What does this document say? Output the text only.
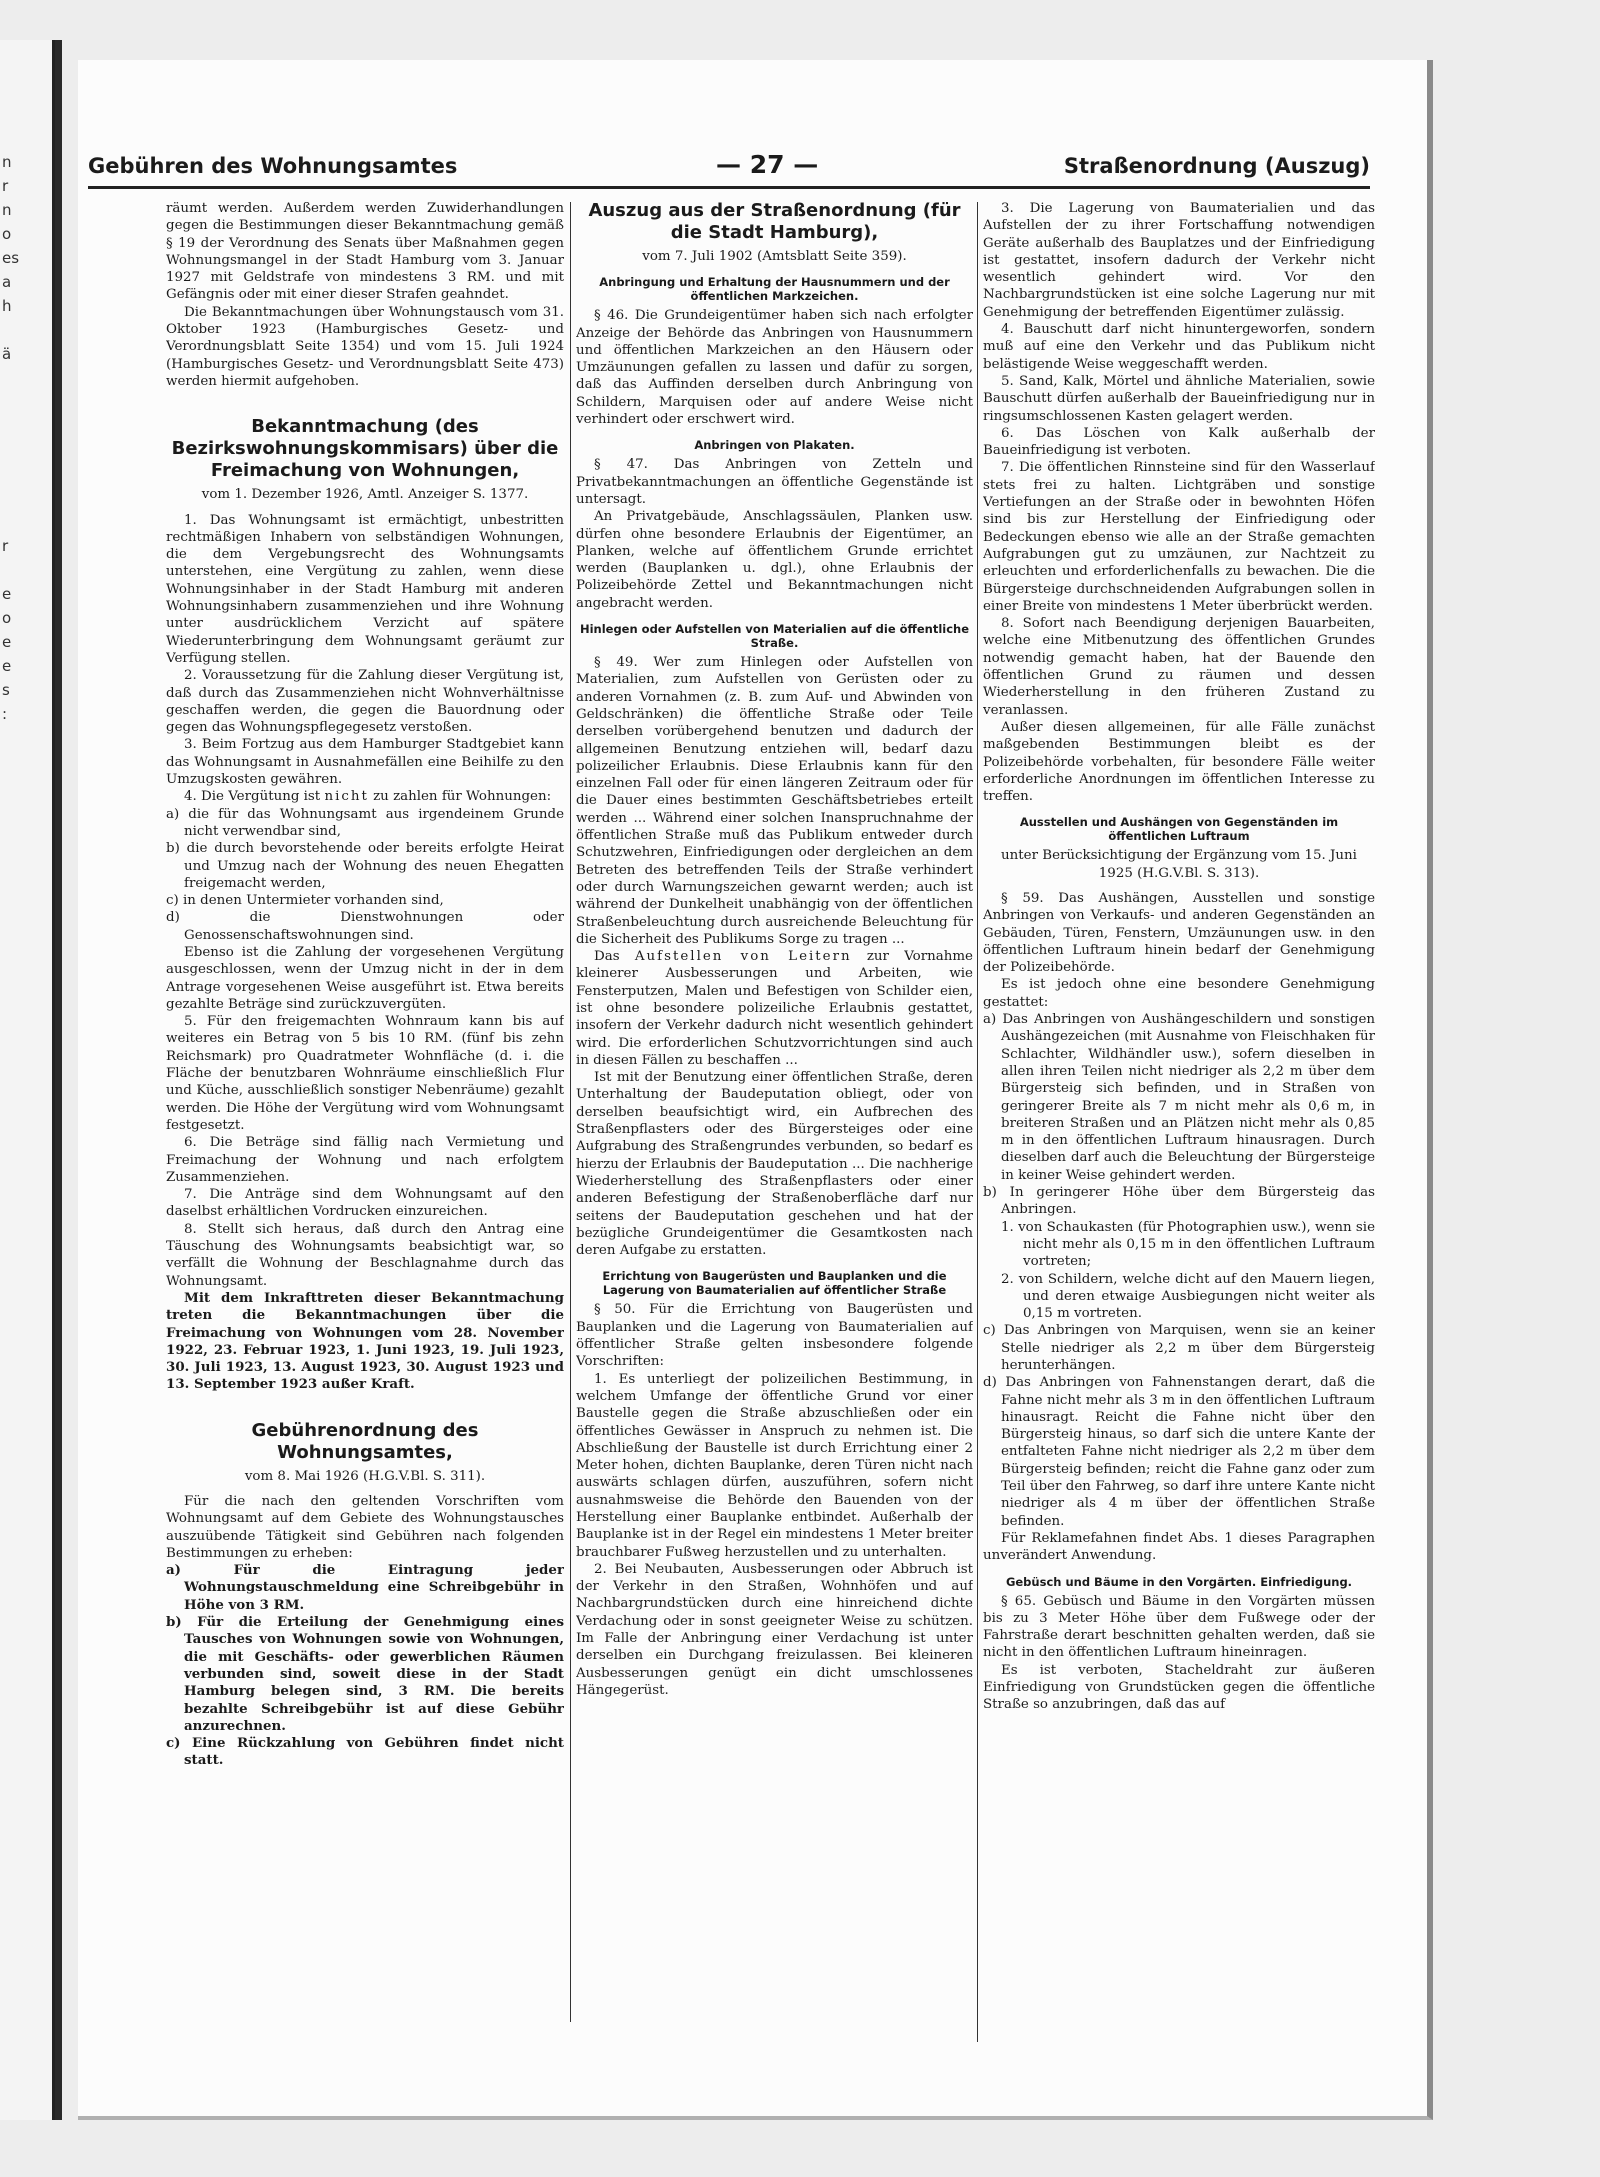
n
r
n
o
es
a
h

ä

r

e
o
e
e
s
:

Gebühren des Wohnungsamtes	— 27 —	Straßenordnung (Auszug)

räumt werden. Außerdem werden Zuwiderhandlungen gegen die Bestimmungen dieser Bekanntmachung gemäß § 19 der Verordnung des Senats über Maßnahmen gegen Wohnungsmangel in der Stadt Hamburg vom 3. Januar 1927 mit Geldstrafe von mindestens 3 RM. und mit Gefängnis oder mit einer dieser Strafen geahndet.

Die Bekanntmachungen über Wohnungstausch vom 31. Oktober 1923 (Hamburgisches Gesetz- und Verordnungsblatt Seite 1354) und vom 15. Juli 1924 (Hamburgisches Gesetz- und Verordnungsblatt Seite 473) werden hiermit aufgehoben.

Bekanntmachung (des Bezirkswohnungskommisars) über die Freimachung von Wohnungen,
vom 1. Dezember 1926, Amtl. Anzeiger S. 1377.

1. Das Wohnungsamt ist ermächtigt, unbestritten rechtmäßigen Inhabern von selbständigen Wohnungen, die dem Vergebungsrecht des Wohnungsamts unterstehen, eine Vergütung zu zahlen, wenn diese Wohnungsinhaber in der Stadt Hamburg mit anderen Wohnungsinhabern zusammenziehen und ihre Wohnung unter ausdrücklichem Verzicht auf spätere Wiederunterbringung dem Wohnungsamt geräumt zur Verfügung stellen.

2. Voraussetzung für die Zahlung dieser Vergütung ist, daß durch das Zusammenziehen nicht Wohnverhältnisse geschaffen werden, die gegen die Bauordnung oder gegen das Wohnungspflegegesetz verstoßen.

3. Beim Fortzug aus dem Hamburger Stadtgebiet kann das Wohnungsamt in Ausnahmefällen eine Beihilfe zu den Umzugskosten gewähren.

4. Die Vergütung ist nicht zu zahlen für Wohnungen:

a) die für das Wohnungsamt aus irgendeinem Grunde nicht verwendbar sind,

b) die durch bevorstehende oder bereits erfolgte Heirat und Umzug nach der Wohnung des neuen Ehegatten freigemacht werden,

c) in denen Untermieter vorhanden sind,

d) die Dienstwohnungen oder Genossenschaftswohnungen sind.

Ebenso ist die Zahlung der vorgesehenen Vergütung ausgeschlossen, wenn der Umzug nicht in der in dem Antrage vorgesehenen Weise ausgeführt ist. Etwa bereits gezahlte Beträge sind zurückzuvergüten.

5. Für den freigemachten Wohnraum kann bis auf weiteres ein Betrag von 5 bis 10 RM. (fünf bis zehn Reichsmark) pro Quadratmeter Wohnfläche (d. i. die Fläche der benutzbaren Wohnräume einschließlich Flur und Küche, ausschließlich sonstiger Nebenräume) gezahlt werden. Die Höhe der Vergütung wird vom Wohnungsamt festgesetzt.

6. Die Beträge sind fällig nach Vermietung und Freimachung der Wohnung und nach erfolgtem Zusammenziehen.

7. Die Anträge sind dem Wohnungsamt auf den daselbst erhältlichen Vordrucken einzureichen.

8. Stellt sich heraus, daß durch den Antrag eine Täuschung des Wohnungsamts beabsichtigt war, so verfällt die Wohnung der Beschlagnahme durch das Wohnungsamt.

Mit dem Inkrafttreten dieser Bekanntmachung treten die Bekanntmachungen über die Freimachung von Wohnungen vom 28. November 1922, 23. Februar 1923, 1. Juni 1923, 19. Juli 1923, 30. Juli 1923, 13. August 1923, 30. August 1923 und 13. September 1923 außer Kraft.

Gebührenordnung des Wohnungsamtes,
vom 8. Mai 1926 (H.G.V.Bl. S. 311).

Für die nach den geltenden Vorschriften vom Wohnungsamt auf dem Gebiete des Wohnungstausches auszuübende Tätigkeit sind Gebühren nach folgenden Bestimmungen zu erheben:

a) Für die Eintragung jeder Wohnungstauschmeldung eine Schreibgebühr in Höhe von 3 RM.

b) Für die Erteilung der Genehmigung eines Tausches von Wohnungen sowie von Wohnungen, die mit Geschäfts- oder gewerblichen Räumen verbunden sind, soweit diese in der Stadt Hamburg belegen sind, 3 RM. Die bereits bezahlte Schreibgebühr ist auf diese Gebühr anzurechnen.

c) Eine Rückzahlung von Gebühren findet nicht statt.

Auszug aus der Straßenordnung (für die Stadt Hamburg),
vom 7. Juli 1902 (Amtsblatt Seite 359).
Anbringung und Erhaltung der Hausnummern und der öffentlichen Markzeichen.

§ 46. Die Grundeigentümer haben sich nach erfolgter Anzeige der Behörde das Anbringen von Hausnummern und öffentlichen Markzeichen an den Häusern oder Umzäunungen gefallen zu lassen und dafür zu sorgen, daß das Auffinden derselben durch Anbringung von Schildern, Marquisen oder auf andere Weise nicht verhindert oder erschwert wird.

Anbringen von Plakaten.

§ 47. Das Anbringen von Zetteln und Privatbekanntmachungen an öffentliche Gegenstände ist untersagt.

An Privatgebäude, Anschlagssäulen, Planken usw. dürfen ohne besondere Erlaubnis der Eigentümer, an Planken, welche auf öffentlichem Grunde errichtet werden (Bauplanken u. dgl.), ohne Erlaubnis der Polizeibehörde Zettel und Bekanntmachungen nicht angebracht werden.

Hinlegen oder Aufstellen von Materialien auf die öffentliche Straße.

§ 49. Wer zum Hinlegen oder Aufstellen von Materialien, zum Aufstellen von Gerüsten oder zu anderen Vornahmen (z. B. zum Auf- und Abwinden von Geldschränken) die öffentliche Straße oder Teile derselben vorübergehend benutzen und dadurch der allgemeinen Benutzung entziehen will, bedarf dazu polizeilicher Erlaubnis. Diese Erlaubnis kann für den einzelnen Fall oder für einen längeren Zeitraum oder für die Dauer eines bestimmten Geschäftsbetriebes erteilt werden ... Während einer solchen Inanspruchnahme der öffentlichen Straße muß das Publikum entweder durch Schutzwehren, Einfriedigungen oder dergleichen an dem Betreten des betreffenden Teils der Straße verhindert oder durch Warnungszeichen gewarnt werden; auch ist während der Dunkelheit unabhängig von der öffentlichen Straßenbeleuchtung durch ausreichende Beleuchtung für die Sicherheit des Publikums Sorge zu tragen ...

Das Aufstellen von Leitern zur Vornahme kleinerer Ausbesserungen und Arbeiten, wie Fensterputzen, Malen und Befestigen von Schilder eien, ist ohne besondere polizeiliche Erlaubnis gestattet, insofern der Verkehr dadurch nicht wesentlich gehindert wird. Die erforderlichen Schutzvorrichtungen sind auch in diesen Fällen zu beschaffen ...

Ist mit der Benutzung einer öffentlichen Straße, deren Unterhaltung der Baudeputation obliegt, oder von derselben beaufsichtigt wird, ein Aufbrechen des Straßenpflasters oder des Bürgersteiges oder eine Aufgrabung des Straßengrundes verbunden, so bedarf es hierzu der Erlaubnis der Baudeputation ... Die nachherige Wiederherstellung des Straßenpflasters oder einer anderen Befestigung der Straßenoberfläche darf nur seitens der Baudeputation geschehen und hat der bezügliche Grundeigentümer die Gesamtkosten nach deren Aufgabe zu erstatten.

Errichtung von Baugerüsten und Bauplanken und die Lagerung von Baumaterialien auf öffentlicher Straße

§ 50. Für die Errichtung von Baugerüsten und Bauplanken und die Lagerung von Baumaterialien auf öffentlicher Straße gelten insbesondere folgende Vorschriften:

1. Es unterliegt der polizeilichen Bestimmung, in welchem Umfange der öffentliche Grund vor einer Baustelle gegen die Straße abzuschließen oder ein öffentliches Gewässer in Anspruch zu nehmen ist. Die Abschließung der Baustelle ist durch Errichtung einer 2 Meter hohen, dichten Bauplanke, deren Türen nicht nach auswärts schlagen dürfen, auszuführen, sofern nicht ausnahmsweise die Behörde den Bauenden von der Herstellung einer Bauplanke entbindet. Außerhalb der Bauplanke ist in der Regel ein mindestens 1 Meter breiter brauchbarer Fußweg herzustellen und zu unterhalten.

2. Bei Neubauten, Ausbesserungen oder Abbruch ist der Verkehr in den Straßen, Wohnhöfen und auf Nachbargrundstücken durch eine hinreichend dichte Verdachung oder in sonst geeigneter Weise zu schützen. Im Falle der Anbringung einer Verdachung ist unter derselben ein Durchgang freizulassen. Bei kleineren Ausbesserungen genügt ein dicht umschlossenes Hängegerüst.

3. Die Lagerung von Baumaterialien und das Aufstellen der zu ihrer Fortschaffung notwendigen Geräte außerhalb des Bauplatzes und der Einfriedigung ist gestattet, insofern dadurch der Verkehr nicht wesentlich gehindert wird. Vor den Nachbargrundstücken ist eine solche Lagerung nur mit Genehmigung der betreffenden Eigentümer zulässig.

4. Bauschutt darf nicht hinuntergeworfen, sondern muß auf eine den Verkehr und das Publikum nicht belästigende Weise weggeschafft werden.

5. Sand, Kalk, Mörtel und ähnliche Materialien, sowie Bauschutt dürfen außerhalb der Baueinfriedigung nur in ringsumschlossenen Kasten gelagert werden.

6. Das Löschen von Kalk außerhalb der Baueinfriedigung ist verboten.

7. Die öffentlichen Rinnsteine sind für den Wasserlauf stets frei zu halten. Lichtgräben und sonstige Vertiefungen an der Straße oder in bewohnten Höfen sind bis zur Herstellung der Einfriedigung oder Bedeckungen ebenso wie alle an der Straße gemachten Aufgrabungen gut zu umzäunen, zur Nachtzeit zu erleuchten und erforderlichenfalls zu bewachen. Die die Bürgersteige durchschneidenden Aufgrabungen sollen in einer Breite von mindestens 1 Meter überbrückt werden.

8. Sofort nach Beendigung derjenigen Bauarbeiten, welche eine Mitbenutzung des öffentlichen Grundes notwendig gemacht haben, hat der Bauende den öffentlichen Grund zu räumen und dessen Wiederherstellung in den früheren Zustand zu veranlassen.

Außer diesen allgemeinen, für alle Fälle zunächst maßgebenden Bestimmungen bleibt es der Polizeibehörde vorbehalten, für besondere Fälle weiter erforderliche Anordnungen im öffentlichen Interesse zu treffen.

Ausstellen und Aushängen von Gegenständen im öffentlichen Luftraum
unter Berücksichtigung der Ergänzung vom 15. Juni 1925 (H.G.V.Bl. S. 313).

§ 59. Das Aushängen, Ausstellen und sonstige Anbringen von Verkaufs- und anderen Gegenständen an Gebäuden, Türen, Fenstern, Umzäunungen usw. in den öffentlichen Luftraum hinein bedarf der Genehmigung der Polizeibehörde.

Es ist jedoch ohne eine besondere Genehmigung gestattet:

a) Das Anbringen von Aushängeschildern und sonstigen Aushängezeichen (mit Ausnahme von Fleischhaken für Schlachter, Wildhändler usw.), sofern dieselben in allen ihren Teilen nicht niedriger als 2,2 m über dem Bürgersteig sich befinden, und in Straßen von geringerer Breite als 7 m nicht mehr als 0,6 m, in breiteren Straßen und an Plätzen nicht mehr als 0,85 m in den öffentlichen Luftraum hinausragen. Durch dieselben darf auch die Beleuchtung der Bürgersteige in keiner Weise gehindert werden.

b) In geringerer Höhe über dem Bürgersteig das Anbringen.

1. von Schaukasten (für Photographien usw.), wenn sie nicht mehr als 0,15 m in den öffentlichen Luftraum vortreten;

2. von Schildern, welche dicht auf den Mauern liegen, und deren etwaige Ausbiegungen nicht weiter als 0,15 m vortreten.

c) Das Anbringen von Marquisen, wenn sie an keiner Stelle niedriger als 2,2 m über dem Bürgersteig herunterhängen.

d) Das Anbringen von Fahnenstangen derart, daß die Fahne nicht mehr als 3 m in den öffentlichen Luftraum hinausragt. Reicht die Fahne nicht über den Bürgersteig hinaus, so darf sich die untere Kante der entfalteten Fahne nicht niedriger als 2,2 m über dem Bürgersteig befinden; reicht die Fahne ganz oder zum Teil über den Fahrweg, so darf ihre untere Kante nicht niedriger als 4 m über der öffentlichen Straße befinden.

Für Reklamefahnen findet Abs. 1 dieses Paragraphen unverändert Anwendung.

Gebüsch und Bäume in den Vorgärten. Einfriedigung.

§ 65. Gebüsch und Bäume in den Vorgärten müssen bis zu 3 Meter Höhe über dem Fußwege oder der Fahrstraße derart beschnitten gehalten werden, daß sie nicht in den öffentlichen Luftraum hineinragen.

Es ist verboten, Stacheldraht zur äußeren Einfriedigung von Grundstücken gegen die öffentliche Straße so anzubringen, daß das auf
